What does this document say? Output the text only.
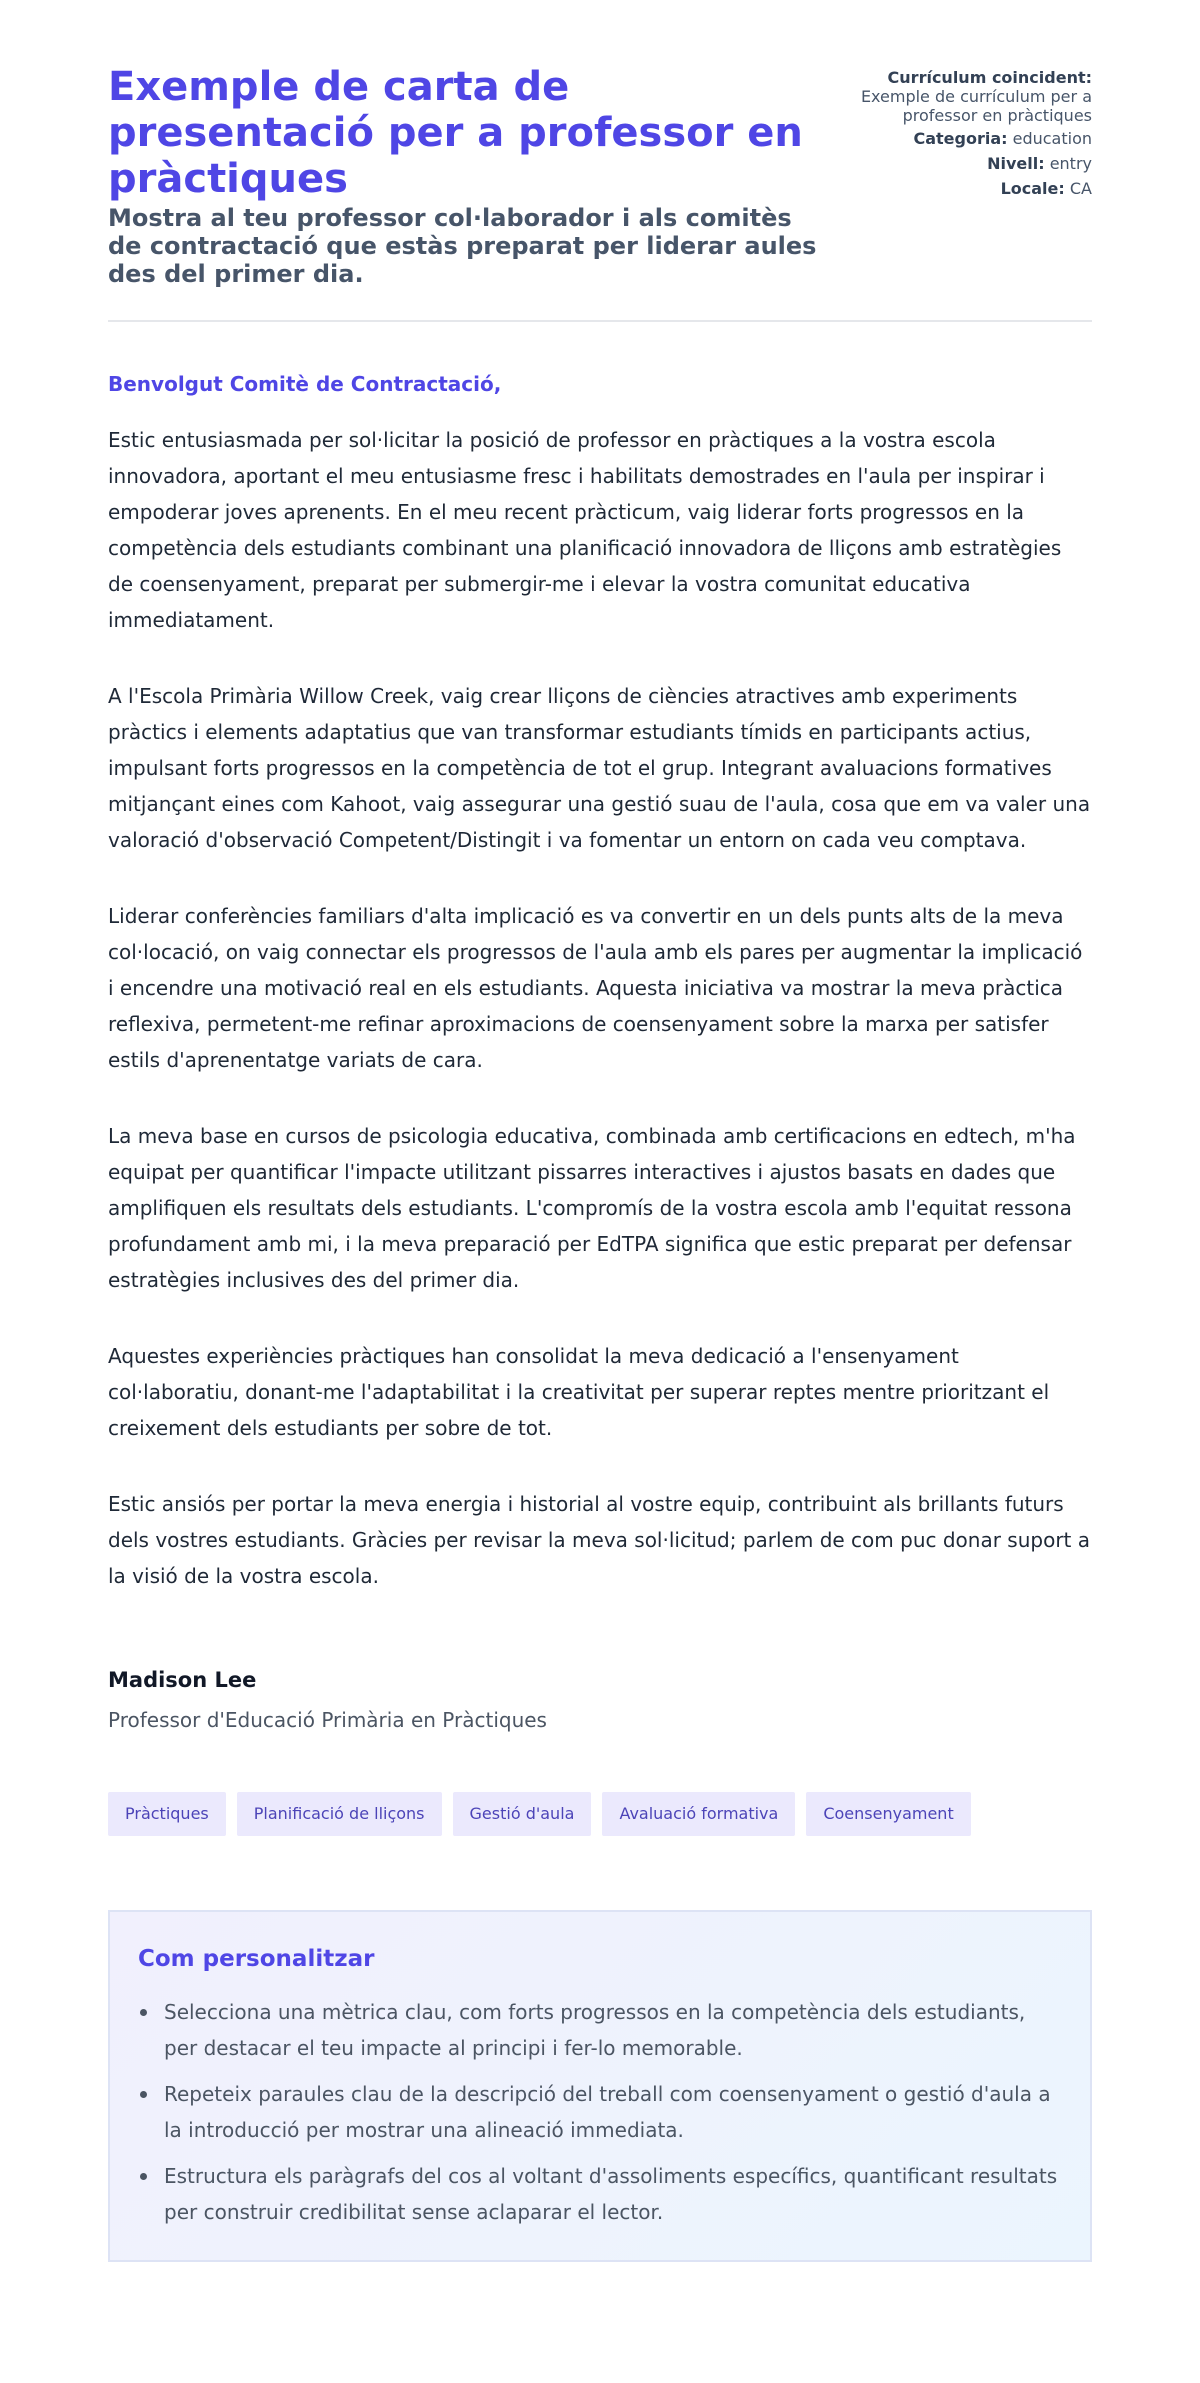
Exemple de carta de presentació per a professor en pràctiques
Mostra al teu professor col·laborador i als comitès de contractació que estàs preparat per liderar aules des del primer dia.
Currículum coincident:
Exemple de currículum per a professor en pràctiques
Categoria: education
Nivell: entry
Locale: CA

Benvolgut Comitè de Contractació,

Estic entusiasmada per sol·licitar la posició de professor en pràctiques a la vostra escola innovadora, aportant el meu entusiasme fresc i habilitats demostrades en l'aula per inspirar i empoderar joves aprenents. En el meu recent pràcticum, vaig liderar forts progressos en la competència dels estudiants combinant una planificació innovadora de lliçons amb estratègies de coensenyament, preparat per submergir-me i elevar la vostra comunitat educativa immediatament.

A l'Escola Primària Willow Creek, vaig crear lliçons de ciències atractives amb experiments pràctics i elements adaptatius que van transformar estudiants tímids en participants actius, impulsant forts progressos en la competència de tot el grup. Integrant avaluacions formatives mitjançant eines com Kahoot, vaig assegurar una gestió suau de l'aula, cosa que em va valer una valoració d'observació Competent/Distingit i va fomentar un entorn on cada veu comptava.

Liderar conferències familiars d'alta implicació es va convertir en un dels punts alts de la meva col·locació, on vaig connectar els progressos de l'aula amb els pares per augmentar la implicació i encendre una motivació real en els estudiants. Aquesta iniciativa va mostrar la meva pràctica reflexiva, permetent-me refinar aproximacions de coensenyament sobre la marxa per satisfer estils d'aprenentatge variats de cara.

La meva base en cursos de psicologia educativa, combinada amb certificacions en edtech, m'ha equipat per quantificar l'impacte utilitzant pissarres interactives i ajustos basats en dades que amplifiquen els resultats dels estudiants. L'compromís de la vostra escola amb l'equitat ressona profundament amb mi, i la meva preparació per EdTPA significa que estic preparat per defensar estratègies inclusives des del primer dia.

Aquestes experiències pràctiques han consolidat la meva dedicació a l'ensenyament col·laboratiu, donant-me l'adaptabilitat i la creativitat per superar reptes mentre prioritzant el creixement dels estudiants per sobre de tot.

Estic ansiós per portar la meva energia i historial al vostre equip, contribuint als brillants futurs dels vostres estudiants. Gràcies per revisar la meva sol·licitud; parlem de com puc donar suport a la visió de la vostra escola.

Madison Lee
Professor d'Educació Primària en Pràctiques
Pràctiques	Planificació de lliçons	Gestió d'aula	Avaluació formativa	Coensenyament
Com personalitzar
Selecciona una mètrica clau, com forts progressos en la competència dels estudiants, per destacar el teu impacte al principi i fer-lo memorable.
Repeteix paraules clau de la descripció del treball com coensenyament o gestió d'aula a la introducció per mostrar una alineació immediata.
Estructura els paràgrafs del cos al voltant d'assoliments específics, quantificant resultats per construir credibilitat sense aclaparar el lector.
